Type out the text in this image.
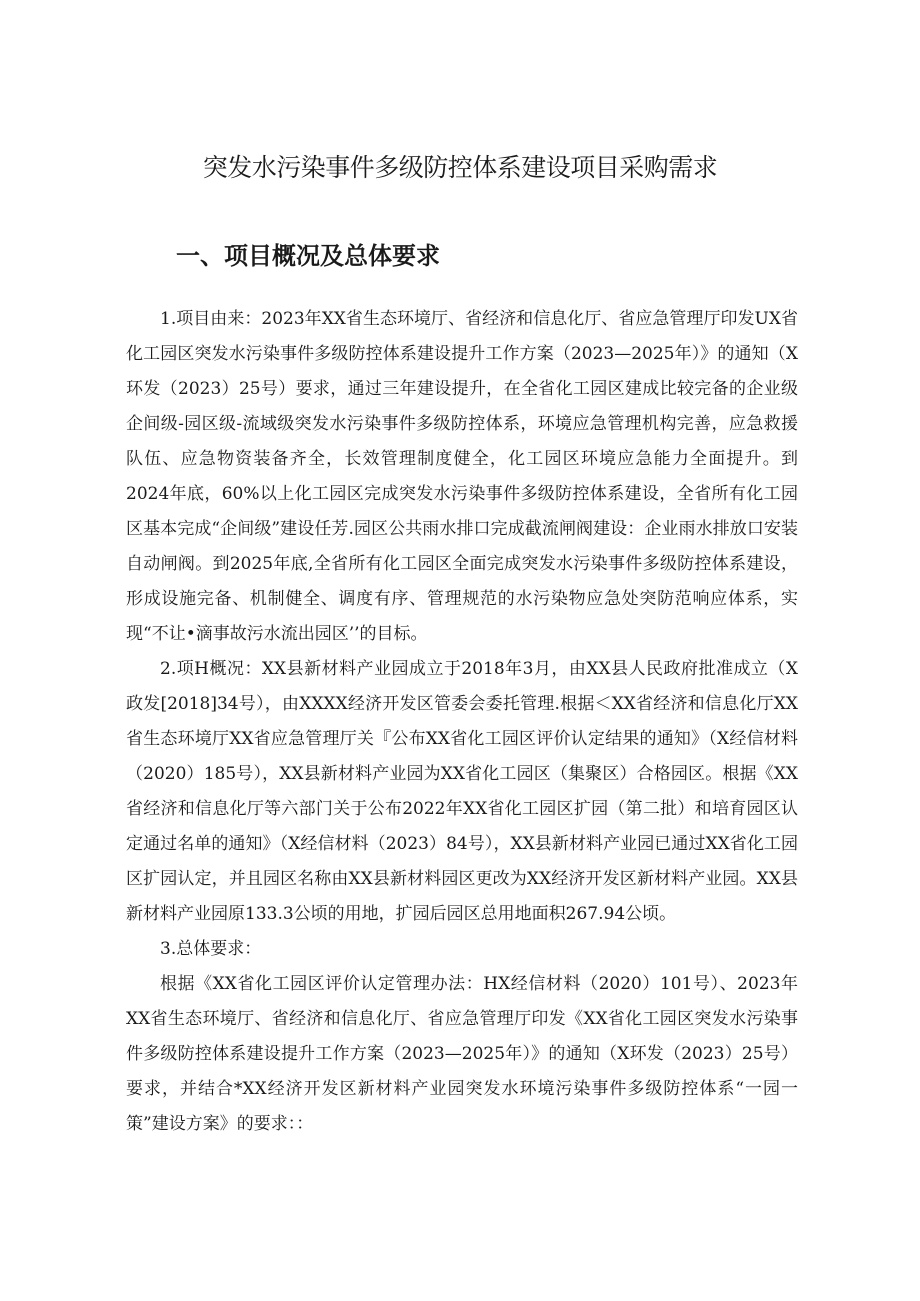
突发水污染事件多级防控体系建设项目采购需求
一、项目概况及总体要求

1.项目由来：2023年XX省生态环境厅、省经济和信息化厅、省应急管理厅印发UX省化工园区突发水污染事件多级防控体系建设提升工作方案（2023—2025年）》的通知（X环发（2023）25号）要求，通过三年建设提升，在全省化工园区建成比较完备的企业级企间级-园区级-流域级突发水污染事件多级防控体系，环境应急管理机构完善，应急救援队伍、应急物资装备齐全，长效管理制度健全，化工园区环境应急能力全面提升。到2024年底，60%以上化工园区完成突发水污染事件多级防控体系建设，全省所有化工园区基本完成“企间级”建设任芳.园区公共雨水排口完成截流闸阀建设：企业雨水排放口安装自动闸阀。到2025年底,全省所有化工园区全面完成突发水污染事件多级防控体系建设，形成设施完备、机制健全、调度有序、管理规范的水污染物应急处突防范响应体系，实现“不让•滴事故污水流出园区’’的目标。

2.项H概况：XX县新材料产业园成立于2018年3月，由XX县人民政府批准成立（X政发[2018]34号），由XXXX经济开发区管委会委托管理.根据＜XX省经济和信息化厅XX省生态环境厅XX省应急管理厅关『公布XX省化工园区评价认定结果的通知》（X经信材料（2020）185号），XX县新材料产业园为XX省化工园区（集聚区）合格园区。根据《XX省经济和信息化厅等六部门关于公布2022年XX省化工园区扩园（第二批）和培育园区认定通过名单的通知》（X经信材料（2023）84号），XX县新材料产业园已通过XX省化工园区扩园认定，并且园区名称由XX县新材料园区更改为XX经济开发区新材料产业园。XX县新材料产业园原133.3公顷的用地，扩园后园区总用地面积267.94公顷。

3.总体要求：

根据《XX省化工园区评价认定管理办法：HX经信材料（2020）101号）、2023年XX省生态环境厅、省经济和信息化厅、省应急管理厅印发《XX省化工园区突发水污染事件多级防控体系建设提升工作方案（2023—2025年）》的通知（X环发（2023）25号）要求，并结合*XX经济开发区新材料产业园突发水环境污染事件多级防控体系“一园一策”建设方案》的要求：：
